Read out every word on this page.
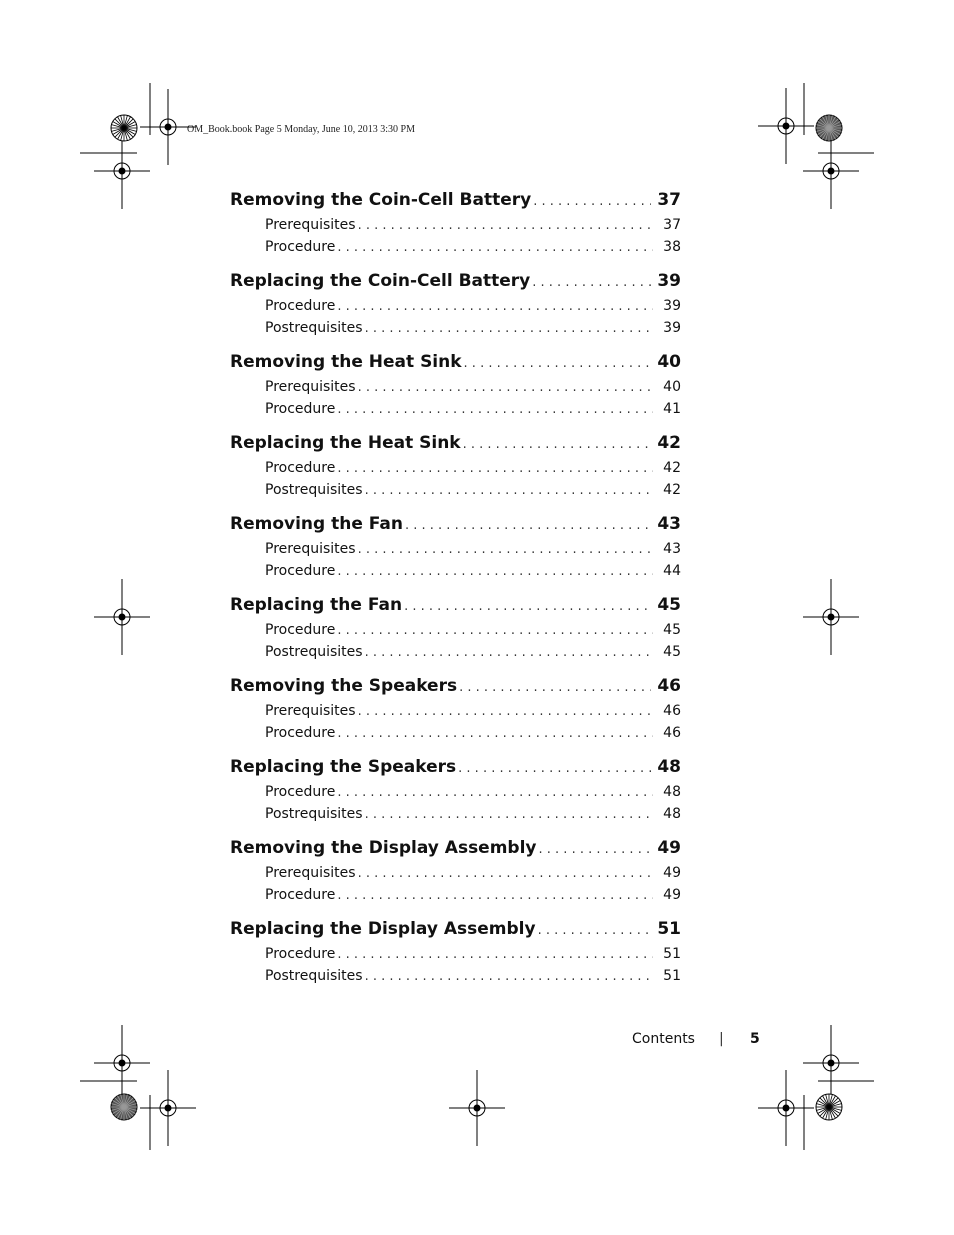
OM_Book.book Page 5 Monday, June 10, 2013 3:30 PM
Removing the Coin-Cell Battery . . .	37
Prerequisites . . .	37
Procedure . . .	38
Replacing the Coin-Cell Battery . . .	39
Procedure . . .	39
Postrequisites . . .	39
Removing the Heat Sink . . .	40
Prerequisites . . .	40
Procedure . . .	41
Replacing the Heat Sink . . .	42
Procedure . . .	42
Postrequisites . . .	42
Removing the Fan . . .	43
Prerequisites . . .	43
Procedure . . .	44
Replacing the Fan . . .	45
Procedure . . .	45
Postrequisites . . .	45
Removing the Speakers . . .	46
Prerequisites . . .	46
Procedure . . .	46
Replacing the Speakers . . .	48
Procedure . . .	48
Postrequisites . . .	48
Removing the Display Assembly . . .	49
Prerequisites . . .	49
Procedure . . .	49
Replacing the Display Assembly . . .	51
Procedure . . .	51
Postrequisites . . .	51
Contents | 5
